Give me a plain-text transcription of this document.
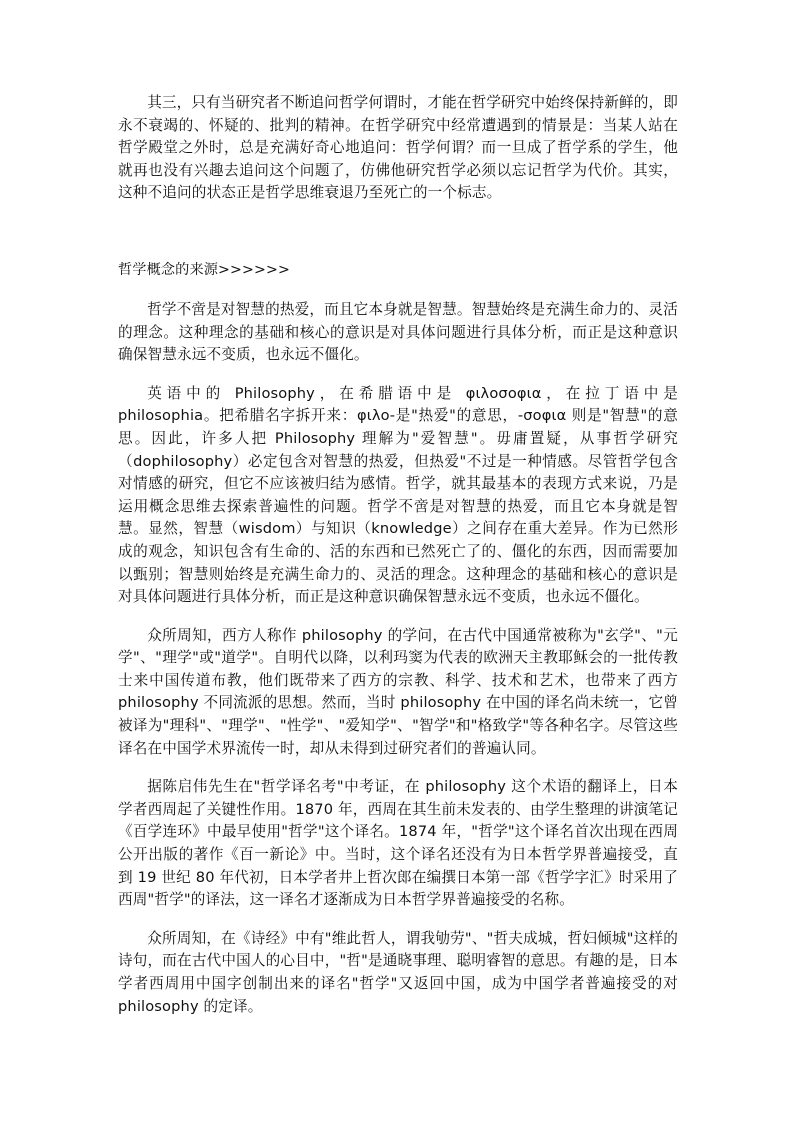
其三，只有当研究者不断追问哲学何谓时，才能在哲学研究中始终保持新鲜的，即永不衰竭的、怀疑的、批判的精神。在哲学研究中经常遭遇到的情景是：当某人站在哲学殿堂之外时，总是充满好奇心地追问：哲学何谓？而一旦成了哲学系的学生，他就再也没有兴趣去追问这个问题了，仿佛他研究哲学必须以忘记哲学为代价。其实，这种不追问的状态正是哲学思维衰退乃至死亡的一个标志。

哲学概念的来源>>>>>>

哲学不啻是对智慧的热爱，而且它本身就是智慧。智慧始终是充满生命力的、灵活的理念。这种理念的基础和核心的意识是对具体问题进行具体分析，而正是这种意识确保智慧永远不变质，也永远不僵化。

英语中的 Philosophy，在希腊语中是 φιλοσοφια，在拉丁语中是 philosophia。把希腊名字拆开来：φιλο-是"热爱"的意思，-σοφια 则是"智慧"的意思。因此，许多人把 Philosophy 理解为"爱智慧"。毋庸置疑，从事哲学研究（dophilosophy）必定包含对智慧的热爱，但热爱"不过是一种情感。尽管哲学包含对情感的研究，但它不应该被归结为感情。哲学，就其最基本的表现方式来说，乃是运用概念思维去探索普遍性的问题。哲学不啻是对智慧的热爱，而且它本身就是智慧。显然，智慧（wisdom）与知识（knowledge）之间存在重大差异。作为已然形成的观念，知识包含有生命的、活的东西和已然死亡了的、僵化的东西，因而需要加以甄别；智慧则始终是充满生命力的、灵活的理念。这种理念的基础和核心的意识是对具体问题进行具体分析，而正是这种意识确保智慧永远不变质，也永远不僵化。

众所周知，西方人称作 philosophy 的学问，在古代中国通常被称为"玄学"、"元学"、"理学"或"道学"。自明代以降，以利玛窦为代表的欧洲天主教耶稣会的一批传教士来中国传道布教，他们既带来了西方的宗教、科学、技术和艺术，也带来了西方 philosophy 不同流派的思想。然而，当时 philosophy 在中国的译名尚未统一，它曾被译为"理科"、"理学"、"性学"、"爱知学"、"智学"和"格致学"等各种名字。尽管这些译名在中国学术界流传一时，却从未得到过研究者们的普遍认同。

据陈启伟先生在"哲学译名考"中考证，在 philosophy 这个术语的翻译上，日本学者西周起了关键性作用。1870 年，西周在其生前未发表的、由学生整理的讲演笔记《百学连环》中最早使用"哲学"这个译名。1874 年，"哲学"这个译名首次出现在西周公开出版的著作《百一新论》中。当时，这个译名还没有为日本哲学界普遍接受，直到 19 世纪 80 年代初，日本学者井上哲次郎在编撰日本第一部《哲学字汇》时采用了西周"哲学"的译法，这一译名才逐渐成为日本哲学界普遍接受的名称。

众所周知，在《诗经》中有"维此哲人，谓我劬劳"、"哲夫成城，哲妇倾城"这样的诗句，而在古代中国人的心目中，"哲"是通晓事理、聪明睿智的意思。有趣的是，日本学者西周用中国字创制出来的译名"哲学"又返回中国，成为中国学者普遍接受的对 philosophy 的定译。
